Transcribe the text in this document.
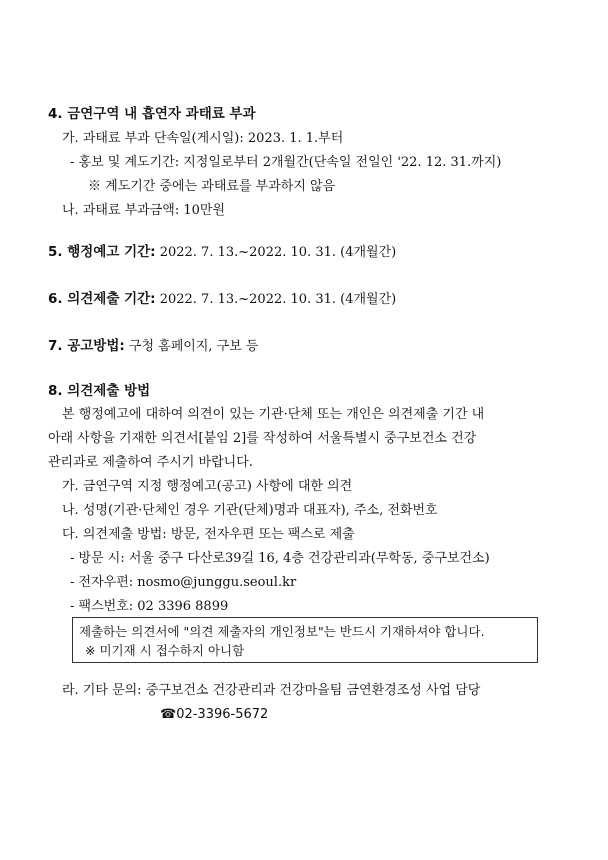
4. 금연구역 내 흡연자 과태료 부과
가. 과태료 부과 단속일(게시일): 2023. 1. 1.부터
- 홍보 및 계도기간: 지정일로부터 2개월간(단속일 전일인 '22. 12. 31.까지)
※ 계도기간 중에는 과태료를 부과하지 않음
나. 과태료 부과금액: 10만원
5. 행정예고 기간: 2022. 7. 13.~2022. 10. 31. (4개월간)
6. 의견제출 기간: 2022. 7. 13.~2022. 10. 31. (4개월간)
7. 공고방법: 구청 홈페이지, 구보 등
8. 의견제출 방법
본 행정예고에 대하여 의견이 있는 기관·단체 또는 개인은 의견제출 기간 내
아래 사항을 기재한 의견서[붙임 2]를 작성하여 서울특별시 중구보건소 건강
관리과로 제출하여 주시기 바랍니다.
가. 금연구역 지정 행정예고(공고) 사항에 대한 의견
나. 성명(기관·단체인 경우 기관(단체)명과 대표자), 주소, 전화번호
다. 의견제출 방법: 방문, 전자우편 또는 팩스로 제출
- 방문 시: 서울 중구 다산로39길 16, 4층 건강관리과(무학동, 중구보건소)
- 전자우편: nosmo@junggu.seoul.kr
- 팩스번호: 02 3396 8899
제출하는 의견서에 "의견 제출자의 개인정보"는 반드시 기재하셔야 합니다.
※ 미기재 시 접수하지 아니함
라. 기타 문의: 중구보건소 건강관리과 건강마을팀 금연환경조성 사업 담당
☎02-3396-5672
